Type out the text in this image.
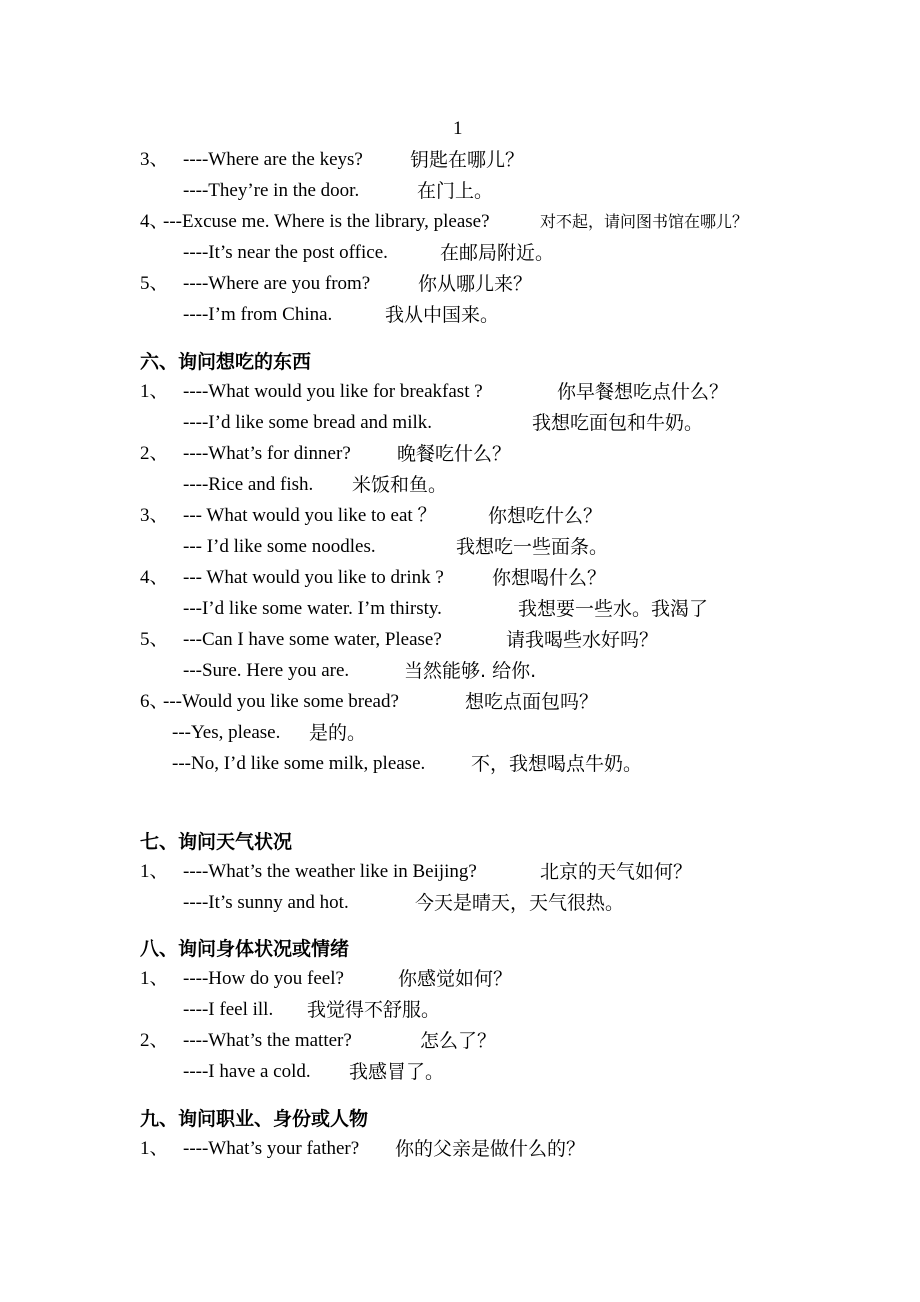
1
3、 ----Where are the keys? 钥匙在哪儿？
----They’re in the door.	在门上。
4、
---Excuse me. Where is the library, please?	对不起，请问图书馆在哪儿？
----It’s near the post office.	在邮局附近。
5、 ----Where are you from?	你从哪儿来？
----I’m from China.	我从中国来。
六、询问想吃的东西
1、 ----What would you like for breakfast ?	你早餐想吃点什么？
----I’d like some bread and milk.	我想吃面包和牛奶。
2、 ----What’s for dinner? 晚餐吃什么？
----Rice and fish. 米饭和鱼。
3、 --- What would you like to eat ？	你想吃什么？
--- I’d like some noodles.	我想吃一些面条。
4、 --- What would you like to drink ?	你想喝什么？
---I’d like some water. I’m thirsty.	我想要一些水。我渴了
5、 ---Can I have some water, Please?	请我喝些水好吗？
---Sure. Here you are.	当然能够. 给你.
6、
---Would you like some bread?	想吃点面包吗？
---Yes, please. 是的。
---No, I’d like some milk, please. 不，我想喝点牛奶。
七、询问天气状况
1、 ----What’s the weather like in Beijing?	北京的天气如何？
----It’s sunny and hot.	今天是晴天，天气很热。
八、询问身体状况或情绪
1、 ----How do you feel?	你感觉如何？
----I feel ill. 我觉得不舒服。
2、 ----What’s the matter?	怎么了？
----I have a cold. 我感冒了。
九、询问职业、身份或人物
1、 ----What’s your father? 你的父亲是做什么的？
